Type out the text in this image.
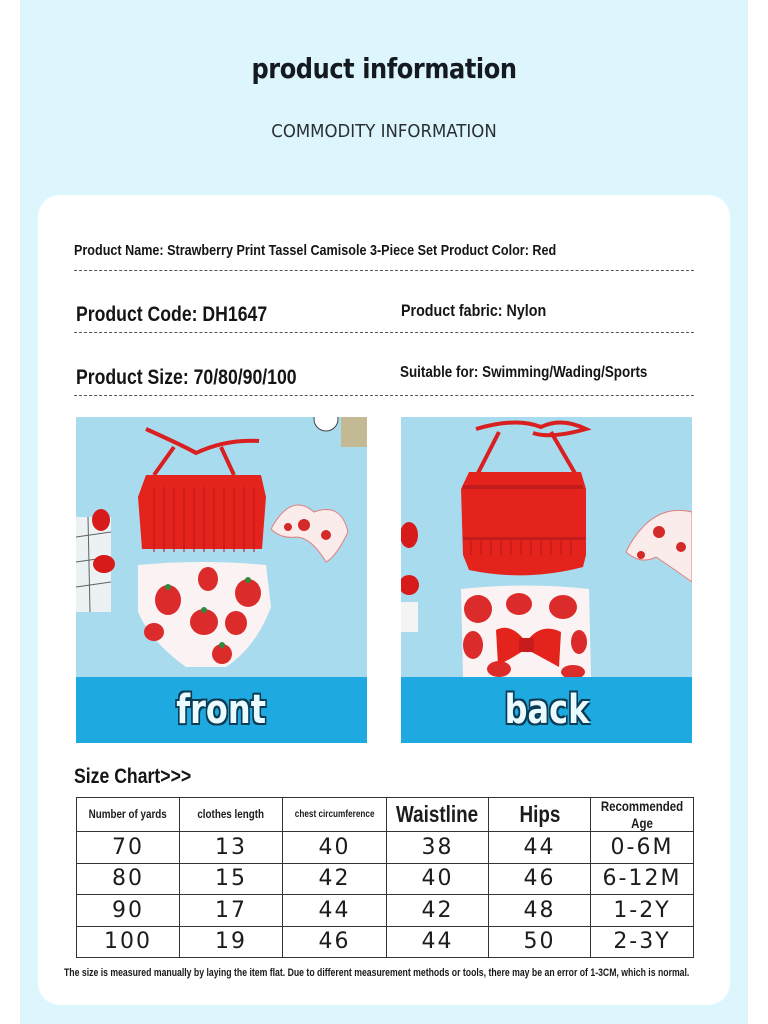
product information
COMMODITY INFORMATION
Product Name: Strawberry Print Tassel Camisole 3-Piece Set Product Color: Red
Product Code: DH1647	Product fabric: Nylon
Product Size: 70/80/90/100	Suitable for: Swimming/Wading/Sports
front	back
Size Chart>>>
Number of yards	clothes length	chest circumference	Waistline	Hips	Recommended Age
70	13	40	38	44	0-6M
80	15	42	40	46	6-12M
90	17	44	42	48	1-2Y
100	19	46	44	50	2-3Y
The size is measured manually by laying the item flat. Due to different measurement methods or tools, there may be an error of 1-3CM, which is normal.
